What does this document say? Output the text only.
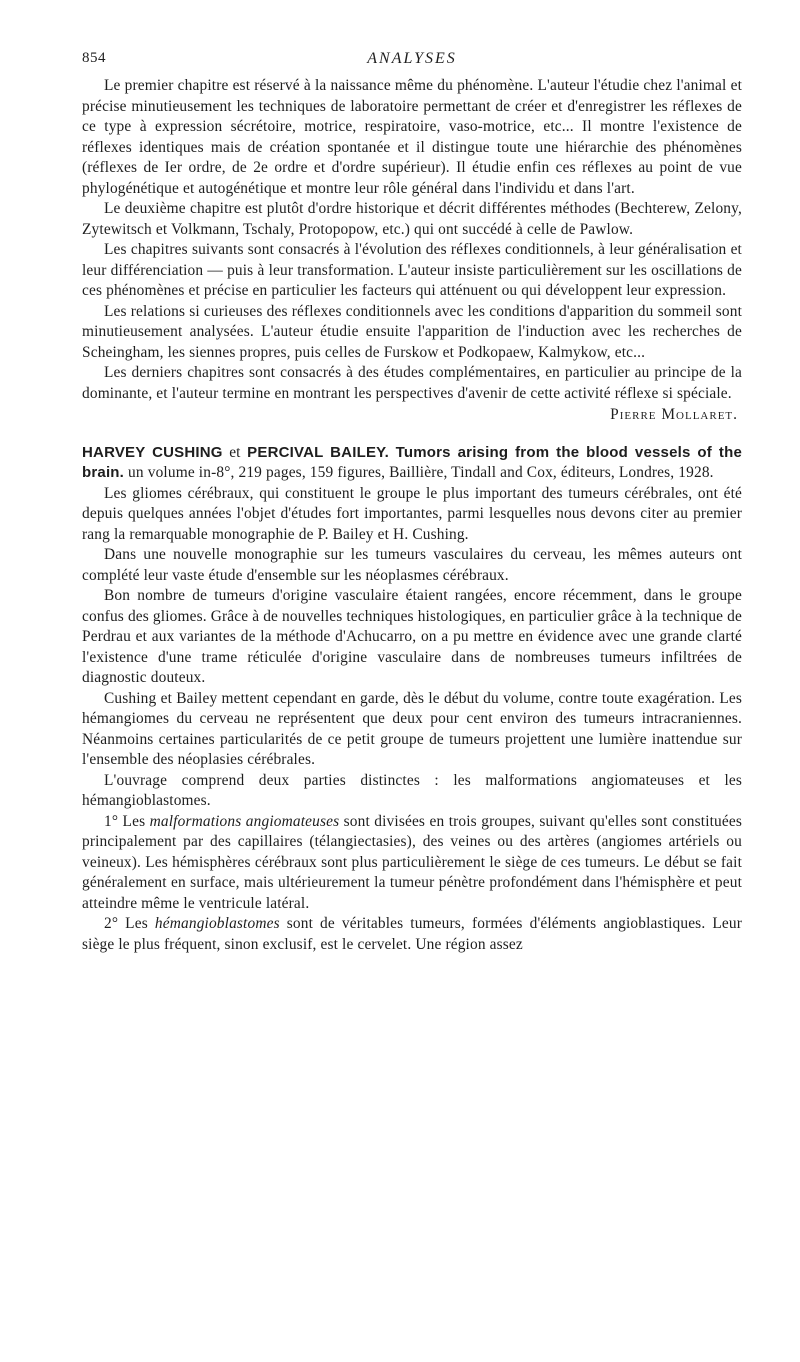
854	ANALYSES

Le premier chapitre est réservé à la naissance même du phénomène. L'auteur l'étudie chez l'animal et précise minutieusement les techniques de laboratoire permettant de créer et d'enregistrer les réflexes de ce type à expression sécrétoire, motrice, respiratoire, vaso-motrice, etc... Il montre l'existence de réflexes identiques mais de création spontanée et il distingue toute une hiérarchie des phénomènes (réflexes de Ier ordre, de 2e ordre et d'ordre supérieur). Il étudie enfin ces réflexes au point de vue phylogénétique et autogénétique et montre leur rôle général dans l'individu et dans l'art.

Le deuxième chapitre est plutôt d'ordre historique et décrit différentes méthodes (Bechterew, Zelony, Zytewitsch et Volkmann, Tschaly, Protopopow, etc.) qui ont succédé à celle de Pawlow.

Les chapitres suivants sont consacrés à l'évolution des réflexes conditionnels, à leur généralisation et leur différenciation — puis à leur transformation. L'auteur insiste particulièrement sur les oscillations de ces phénomènes et précise en particulier les facteurs qui atténuent ou qui développent leur expression.

Les relations si curieuses des réflexes conditionnels avec les conditions d'apparition du sommeil sont minutieusement analysées. L'auteur étudie ensuite l'apparition de l'induction avec les recherches de Scheingham, les siennes propres, puis celles de Furskow et Podkopaew, Kalmykow, etc...

Les derniers chapitres sont consacrés à des études complémentaires, en particulier au principe de la dominante, et l'auteur termine en montrant les perspectives d'avenir de cette activité réflexe si spéciale.

Pierre Mollaret.

HARVEY CUSHING et PERCIVAL BAILEY. Tumors arising from the blood vessels of the brain. un volume in-8°, 219 pages, 159 figures, Baillière, Tindall and Cox, éditeurs, Londres, 1928.

Les gliomes cérébraux, qui constituent le groupe le plus important des tumeurs cérébrales, ont été depuis quelques années l'objet d'études fort importantes, parmi lesquelles nous devons citer au premier rang la remarquable monographie de P. Bailey et H. Cushing.

Dans une nouvelle monographie sur les tumeurs vasculaires du cerveau, les mêmes auteurs ont complété leur vaste étude d'ensemble sur les néoplasmes cérébraux.

Bon nombre de tumeurs d'origine vasculaire étaient rangées, encore récemment, dans le groupe confus des gliomes. Grâce à de nouvelles techniques histologiques, en particulier grâce à la technique de Perdrau et aux variantes de la méthode d'Achucarro, on a pu mettre en évidence avec une grande clarté l'existence d'une trame réticulée d'origine vasculaire dans de nombreuses tumeurs infiltrées de diagnostic douteux.

Cushing et Bailey mettent cependant en garde, dès le début du volume, contre toute exagération. Les hémangiomes du cerveau ne représentent que deux pour cent environ des tumeurs intracraniennes. Néanmoins certaines particularités de ce petit groupe de tumeurs projettent une lumière inattendue sur l'ensemble des néoplasies cérébrales.

L'ouvrage comprend deux parties distinctes : les malformations angiomateuses et les hémangioblastomes.

1° Les malformations angiomateuses sont divisées en trois groupes, suivant qu'elles sont constituées principalement par des capillaires (télangiectasies), des veines ou des artères (angiomes artériels ou veineux). Les hémisphères cérébraux sont plus particulièrement le siège de ces tumeurs. Le début se fait généralement en surface, mais ultérieurement la tumeur pénètre profondément dans l'hémisphère et peut atteindre même le ventricule latéral.

2° Les hémangioblastomes sont de véritables tumeurs, formées d'éléments angioblastiques. Leur siège le plus fréquent, sinon exclusif, est le cervelet. Une région assez
